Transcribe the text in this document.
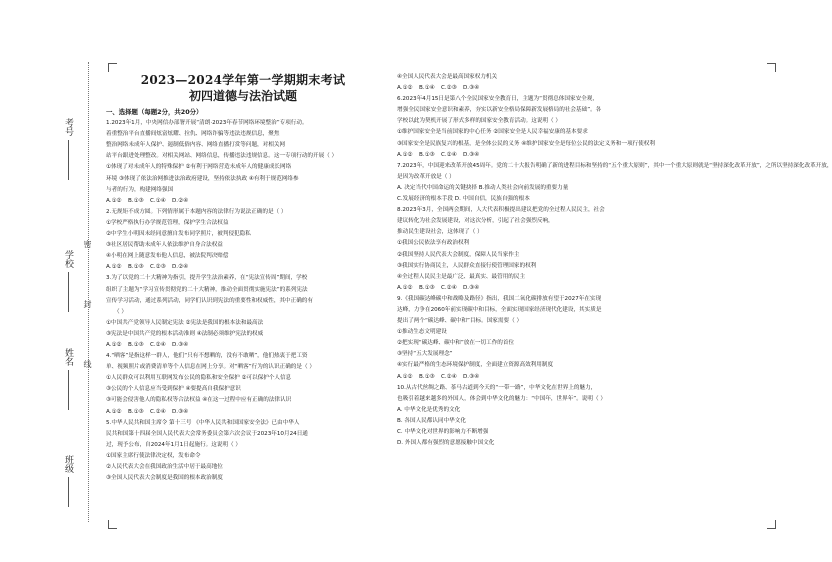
密
封
线
考号
学校
姓名
班级
2023—2024学年第一学期期末考试
初四道德与法治试题

一、选择题（每题2分，共20分）

1.2023年1月，中央网信办部署开展“清朗·2023年春节网络环境整治”专项行动。

着重整治平台直播间炫富炫耀、拉仇、网络诈骗等违法违规信息，聚焦

整治网络未成年人保护、遏制低俗内容、网络直播打赏等问题，对相关网

站平台跟进处理整改。对相关网站、网络信息，传播违法违规信息。这一专项行动的开展（ ）

①体现了对未成年人的特殊保护 ②有利于网络营造未成年人的健康成长网络

环境 ③体现了依法治网推进法治政府建设，坚持依法执政 ④有利于规范网络参

与者的行为，构建网络强国

A.①②	B.①③	C.①④	D.②④

2.无规矩不成方圆。下列情形属于本题内容的法律行为说法正确的是（ ）

①学校严格执行办学规范管理，保护学生合法权益

②中学生小明因未经同意擅自发布同学照片，被判侵犯隐私

③社区居民帮助未成年人依法维护自身合法权益

④小明在网上随意发布他人信息，被法院判决赔偿

A.①②	B.①③	C.②③	D.②④

3.为了以党的二十大精神为指引，提升学生法治素养，在“宪法宣传周”期间，学校

组织了主题为“学习宣传贯彻党的二十大精神，推动全面贯彻实施宪法”的系列宪法

宣传学习活动，通过系列活动，同学们认识到宪法的重要性和权威性，其中正确的有

（ ）

①中国共产党领导人民制定宪法 ②宪法是我国的根本法和最高法

③宪法是中国共产党的根本活动准则 ④法制必须维护宪法的权威

A.①②	B.①③	C.②④	D.③④

4.“晒客”是指这样一群人，他们“只有不想晒的，没有不敢晒”，他们热衷于把工资

单、视频照片或消费清单等个人信息在网上分享。对“晒客”行为的认识正确的是（ ）

①人民群众可以利用互联网发布公民的隐私和安全保护 ②可以保护个人信息

③公民的个人信息应当受到保护 ④要提高自我保护意识

③可能会侵害他人的隐私权等合法权益 ④在这一过程中应有正确的法律认识

A.①②	B.①③	C.②④	D.③④

5.中华人民共和国主席令 第十三号 《中华人民共和国国家安全法》已由中华人

民共和国第十四届全国人民代表大会常务委员会第六次会议于2023年10月24日通

过，现予公布，自2024年1月1日起施行。这说明（ ）

①国家主席行使法律决定权，发布命令

②人民代表大会在我国政治生活中居于最高地位

③全国人民代表大会制度是我国的根本政治制度

④全国人民代表大会是最高国家权力机关

A.①②	B.①④	C.②③	D.③④

6.2023年4月15日是第八个全民国家安全教育日，主题为“贯彻总体国家安全观，

增强全民国家安全意识和素养，夯实以新安全格局保障新发展格局的社会基础”。各

学校以此为契机开展了形式多样的国家安全教育活动。这说明（ ）

①维护国家安全是当前国家的中心任务 ②国家安全是人民幸福安康的基本要求

③国家安全是民族复兴的根基，是全体公民的义务 ④维护国家安全是每位公民的法定义务和一项行使权利

A.①②	B.①③	C.②④	D.③④

7.2023年，中国迎来改革开放45周年。党的二十大报告明确了新的进程目标和坚持的“五个重大原则”，其中一个重大原则就是“坚持深化改革开放”，之所以坚持深化改革开放，

是因为改革开放是（ ）

A. 决定当代中国命运的关键抉择 B.推动人类社会向前发展的重要力量

C.发展经济的根本手段 D. 中国自信，民族自强的根本

8.2023年3月，全国两会期间，人大代表积极提出建议把党的全过程人民民主，社会

建议转化为社会发展建设，对这次分析，引起了社会强烈反响，

推动民生建设社会，这体现了（ ）

①我国公民依法享有政治权利

②我国坚持人民代表大会制度，保障人民当家作主

③我国实行协商民主，人民群众直接行使管理国家的权利

④全过程人民民主是最广泛、最真实、最管用的民主

A.①②	B.①③	C.②④	D.③④

9.《我国碳达峰碳中和战略及路径》指出，我国二氧化碳排放有望于2027年在实现

达峰，力争在2060年前实现碳中和目标，全面实现国家经济现代化建设，其实质是

提出了两个“碳达峰、碳中和”目标。国家需要（ ）

①推动生态文明建设

②把实现“碳达峰、碳中和”放在一切工作的首位

③坚持“五大发展理念”

④实行最严格的生态环境保护制度，全面建立资源高效利用制度

A.①②	B.①③	C.②④	D.③④

10.从古代丝绸之路、茶马古道到今天的“一带一路”，中华文化在世界上的魅力，

也吸引着越来越多的外国人，体会到中华文化的魅力：“中国年，世界年”。说明（ ）

A. 中华文化是优秀的文化

B. 各国人民都认同中华文化

C. 中华文化对世界的影响力不断增强

D. 外国人都有强烈的意愿接触中国文化
